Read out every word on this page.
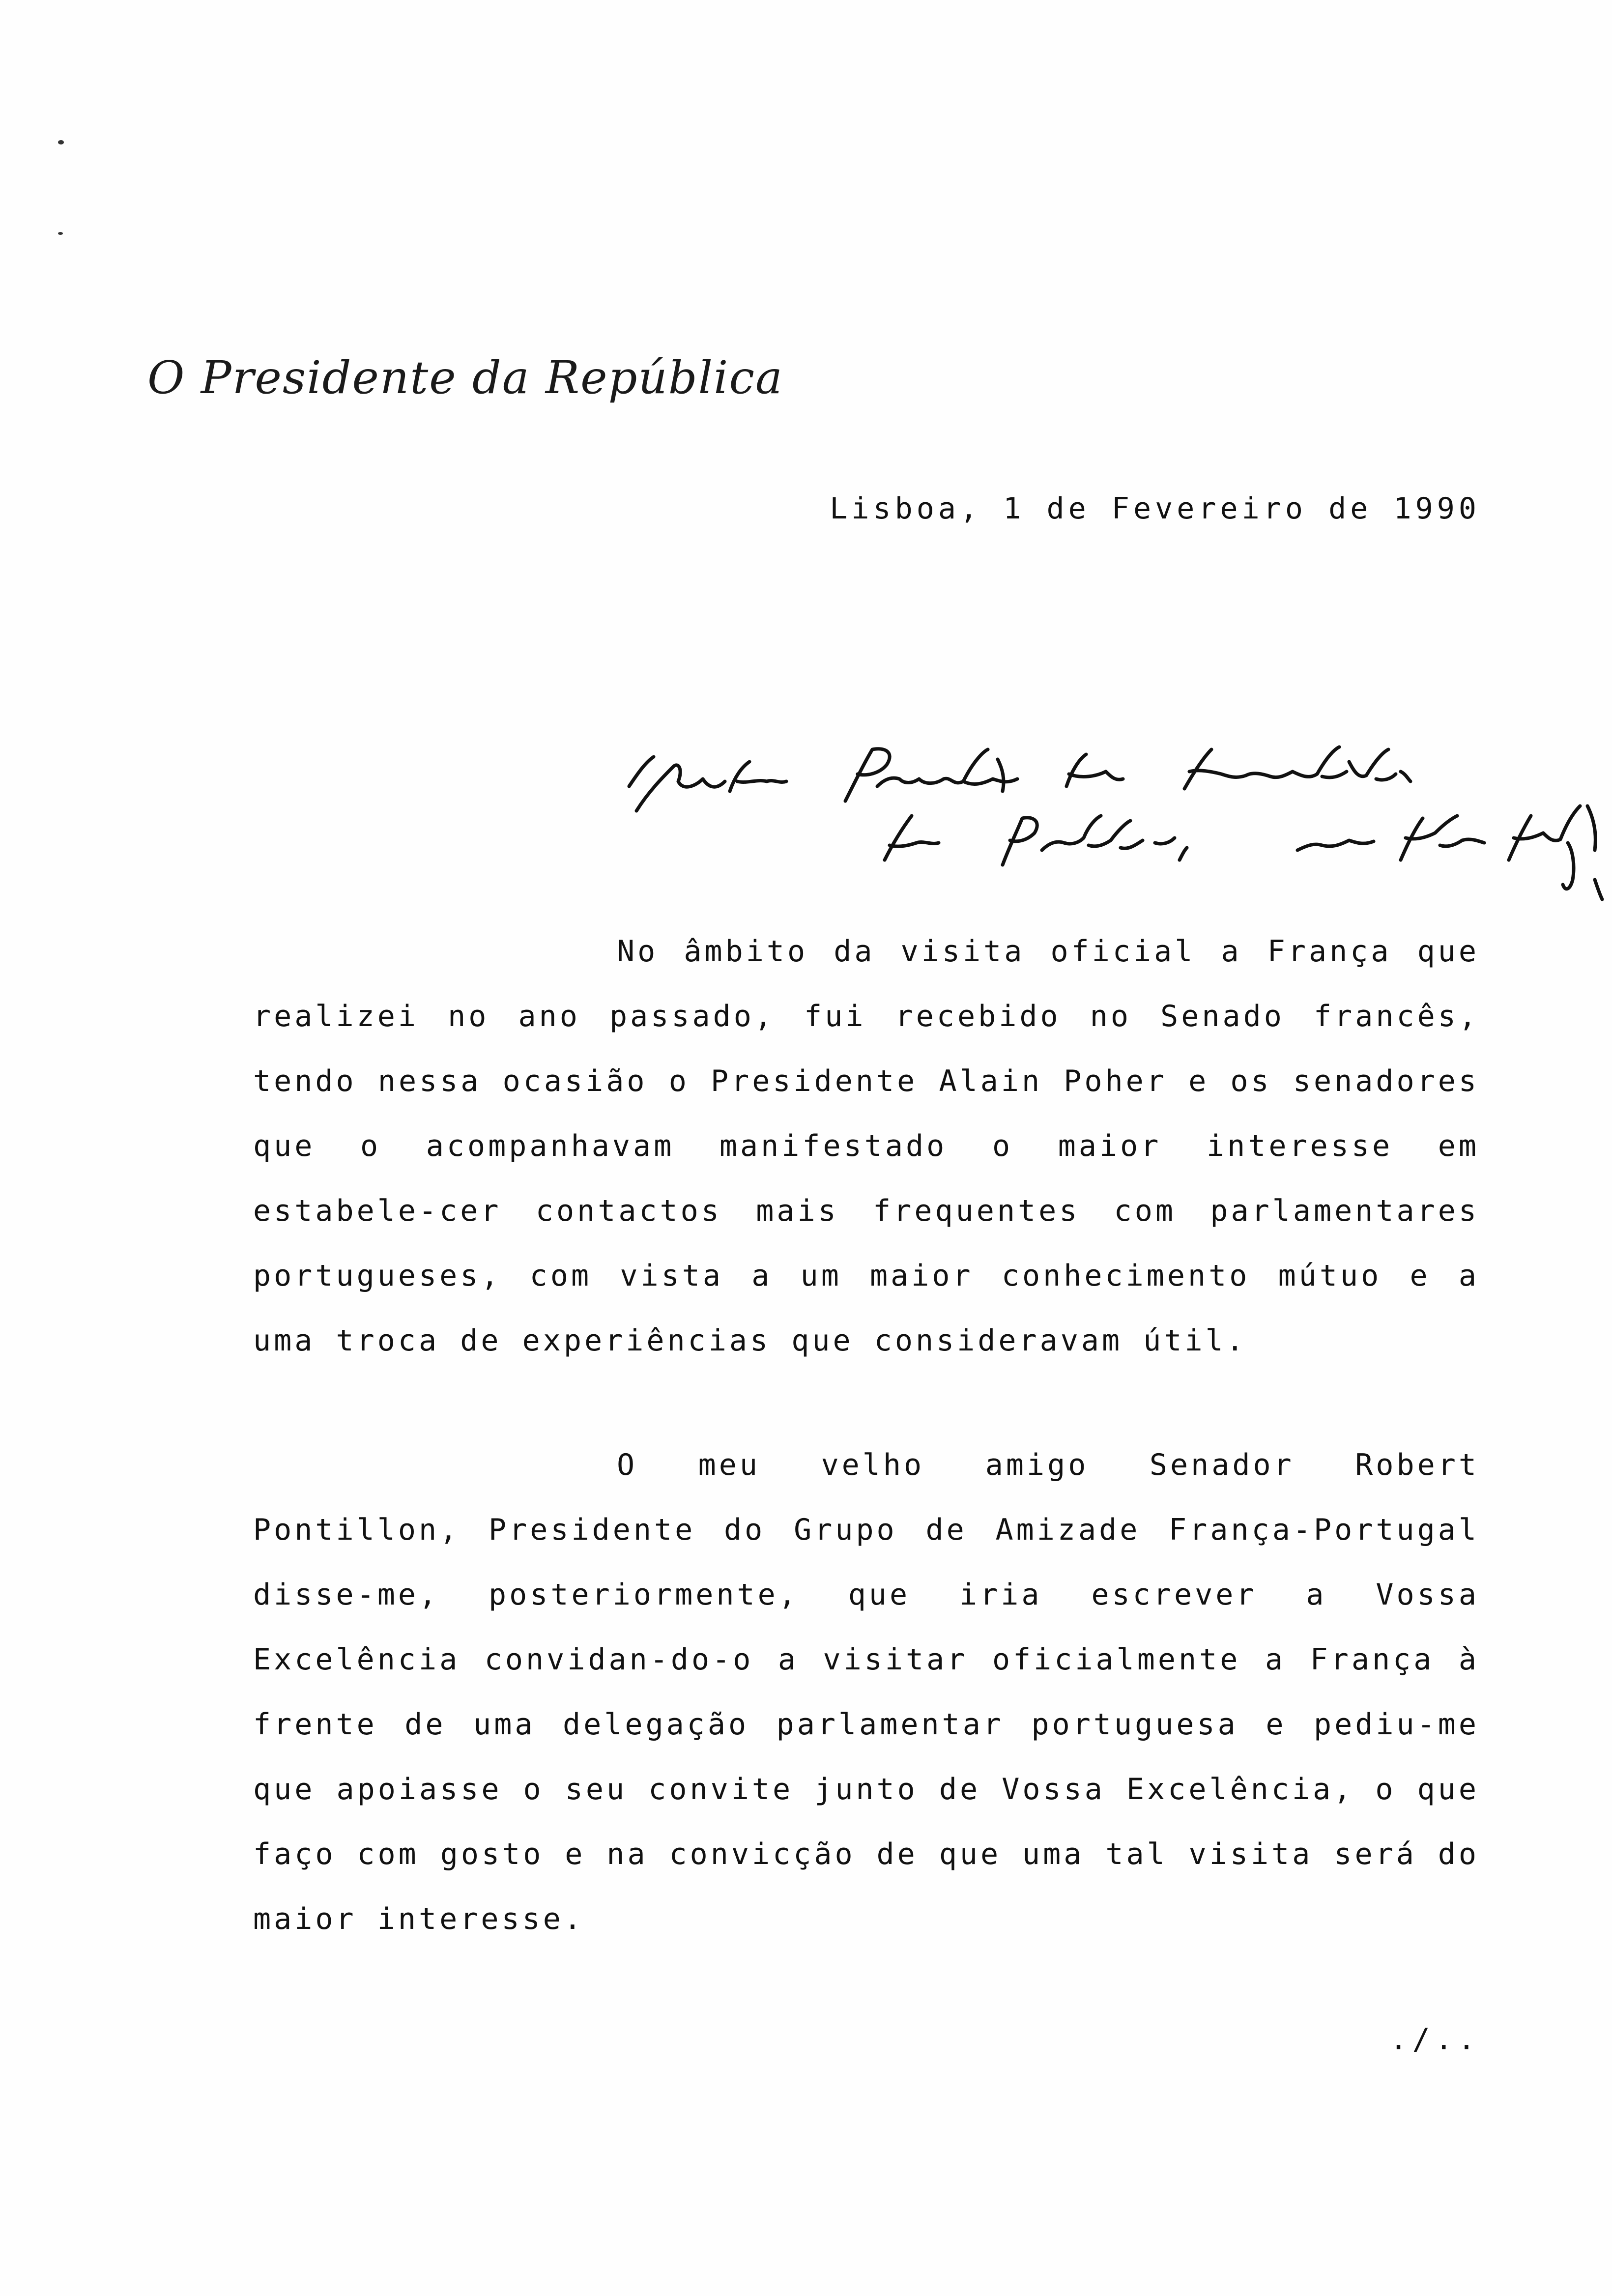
O Presidente da República
Lisboa, 1 de Fevereiro de 1990
No âmbito da visita oficial a França que realizei no ano passado, fui recebido no Senado francês, tendo nessa ocasião o Presidente Alain Poher e os senadores que o acompanhavam manifestado o maior interesse em estabele-cer contactos mais frequentes com parlamentares portugueses, com vista a um maior conhecimento mútuo e a uma troca de experiências que consideravam útil.
O meu velho amigo Senador Robert Pontillon, Presidente do Grupo de Amizade França-Portugal disse-me, posteriormente, que iria escrever a Vossa Excelência convidan-do-o a visitar oficialmente a França à frente de uma delegação parlamentar portuguesa e pediu-me que apoiasse o seu convite junto de Vossa Excelência, o que faço com gosto e na convicção de que uma tal visita será do maior interesse.
./..
